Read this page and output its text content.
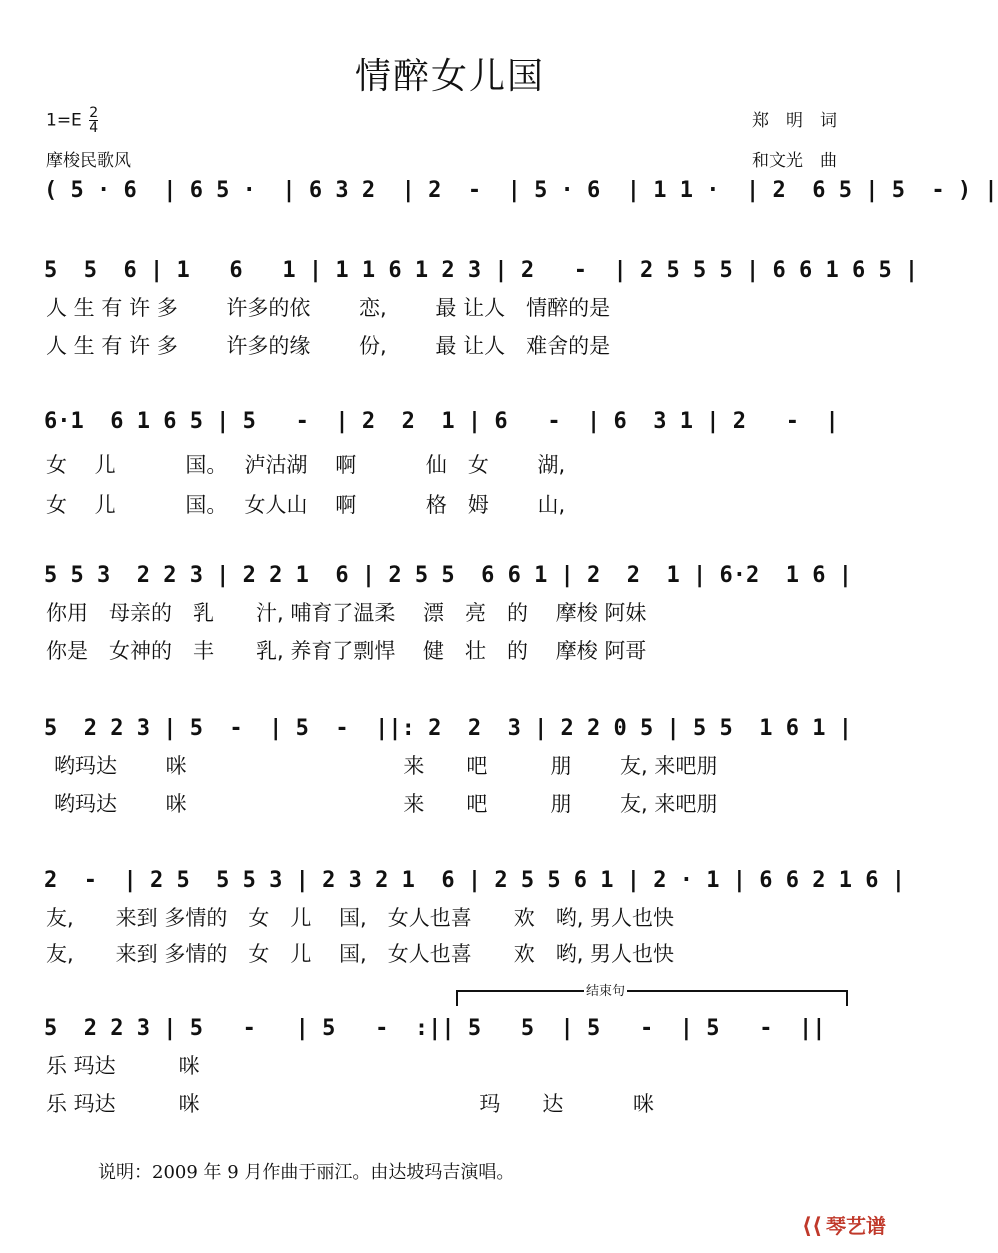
情醉女儿国
$1=E \frac{2}{4}$
摩梭民歌风
郑　明　词
和文光　曲
( 5 · 6  | 6 5 ·  | 6 3 2  | 2  -  | 5 · 6  | 1 1 ·  | 2  6 5 | 5  - ) |
5  5  6 | 1   6   1 | 1 1 6 1 2 3 | 2   -  | 2 5 5 5 | 6 6 1 6 5 |
人 生 有 许 多　　 许多的依　　 恋,　　 最 让人　情醉的是
人 生 有 许 多　　 许多的缘　　 份,　　 最 让人　难舍的是
6·1  6 1 6 5 | 5   -  | 2  2  1 | 6   -  | 6  3 1 | 2   -  |
女　 儿　　　 国。　 泸沽湖　 啊　　　 仙　女　　 湖,
女　 儿　　　 国。　 女人山　 啊　　　 格　姆　　 山,
5 5 3  2 2 3 | 2 2 1  6 | 2 5 5  6 6 1 | 2  2  1 | 6·2  1 6 |
你用　母亲的　乳　　汁, 哺育了温柔　 漂　亮　的　 摩梭 阿妹
你是　女神的　丰　　乳, 养育了剽悍　 健　壮　的　 摩梭 阿哥
5  2 2 3 | 5  -  | 5  -  ||: 2  2  3 | 2 2 0 5 | 5 5  1 6 1 |
哟玛达　　 咪　　　　　　　　　　 来　　吧　　　朋　　 友, 来吧朋
哟玛达　　 咪　　　　　　　　　　 来　　吧　　　朋　　 友, 来吧朋
2  -  | 2 5  5 5 3 | 2 3 2 1  6 | 2 5 5 6 1 | 2 · 1 | 6 6 2 1 6 |
友,　　来到 多情的　女　儿　 国,　女人也喜　　欢　哟, 男人也快
友,　　来到 多情的　女　儿　 国,　女人也喜　　欢　哟, 男人也快
结束句
5  2 2 3 | 5   -   | 5   -  :|| 5   5  | 5   -  | 5   -  ||
乐 玛达　　　咪
乐 玛达　　　咪　　　　　　　　　　　　　 玛　　达　　　 咪
说明：2009 年 9 月作曲于丽江。由达坡玛吉演唱。
⟨⟨ 琴艺谱
